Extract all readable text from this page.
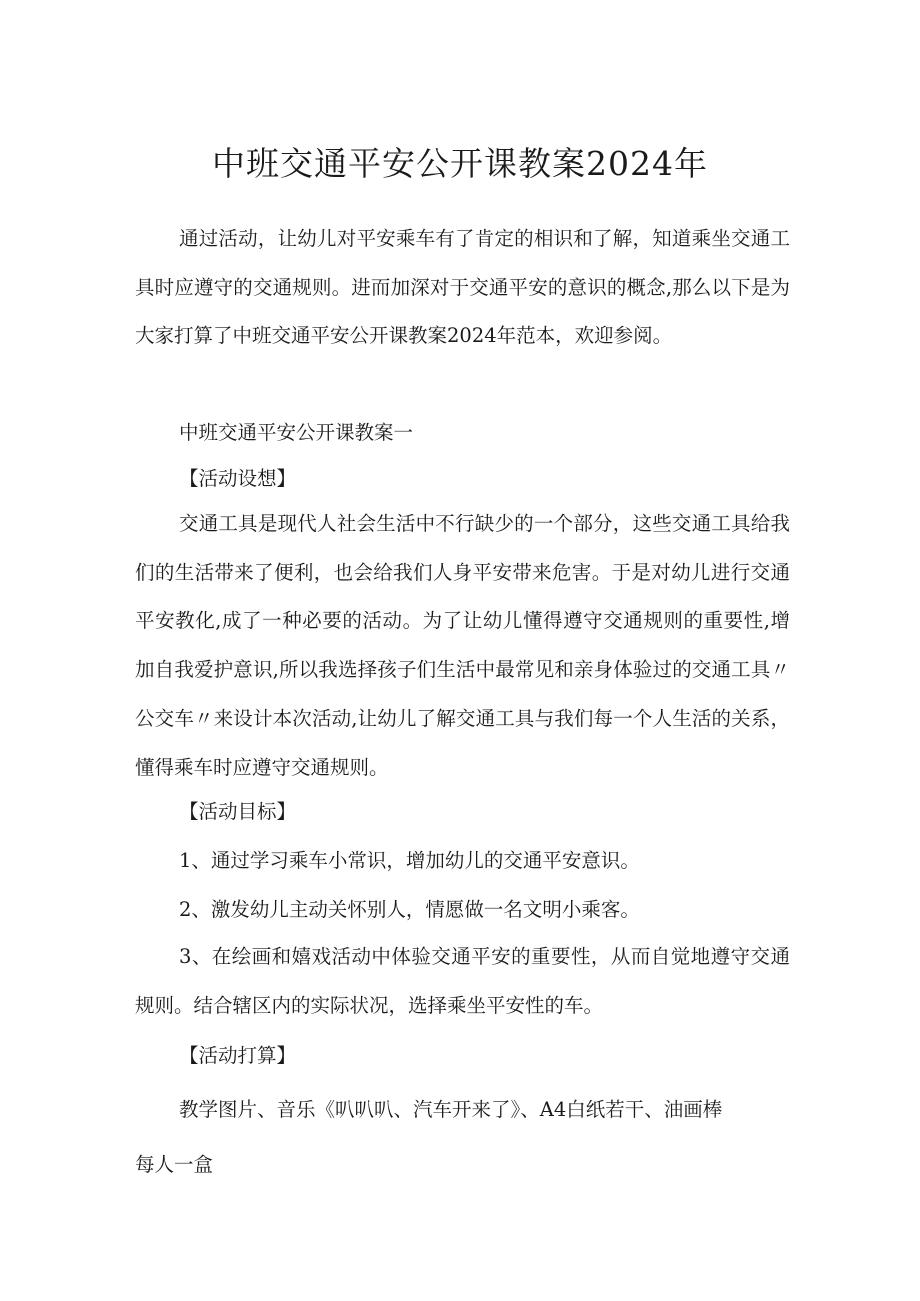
中班交通平安公开课教案2024年

通过活动，让幼儿对平安乘车有了肯定的相识和了解，知道乘坐交通工具时应遵守的交通规则。进而加深对于交通平安的意识的概念,那么以下是为大家打算了中班交通平安公开课教案2024年范本，欢迎参阅。

中班交通平安公开课教案一

【活动设想】

交通工具是现代人社会生活中不行缺少的一个部分，这些交通工具给我们的生活带来了便利，也会给我们人身平安带来危害。于是对幼儿进行交通平安教化,成了一种必要的活动。为了让幼儿懂得遵守交通规则的重要性,增加自我爱护意识,所以我选择孩子们生活中最常见和亲身体验过的交通工具〃公交车〃来设计本次活动,让幼儿了解交通工具与我们每一个人生活的关系，懂得乘车时应遵守交通规则。

【活动目标】

1、通过学习乘车小常识，增加幼儿的交通平安意识。

2、激发幼儿主动关怀别人，情愿做一名文明小乘客。

3、在绘画和嬉戏活动中体验交通平安的重要性，从而自觉地遵守交通规则。结合辖区内的实际状况，选择乘坐平安性的车。

【活动打算】

教学图片、音乐《叭叭叭、汽车开来了》、A4白纸若干、油画棒

每人一盒
